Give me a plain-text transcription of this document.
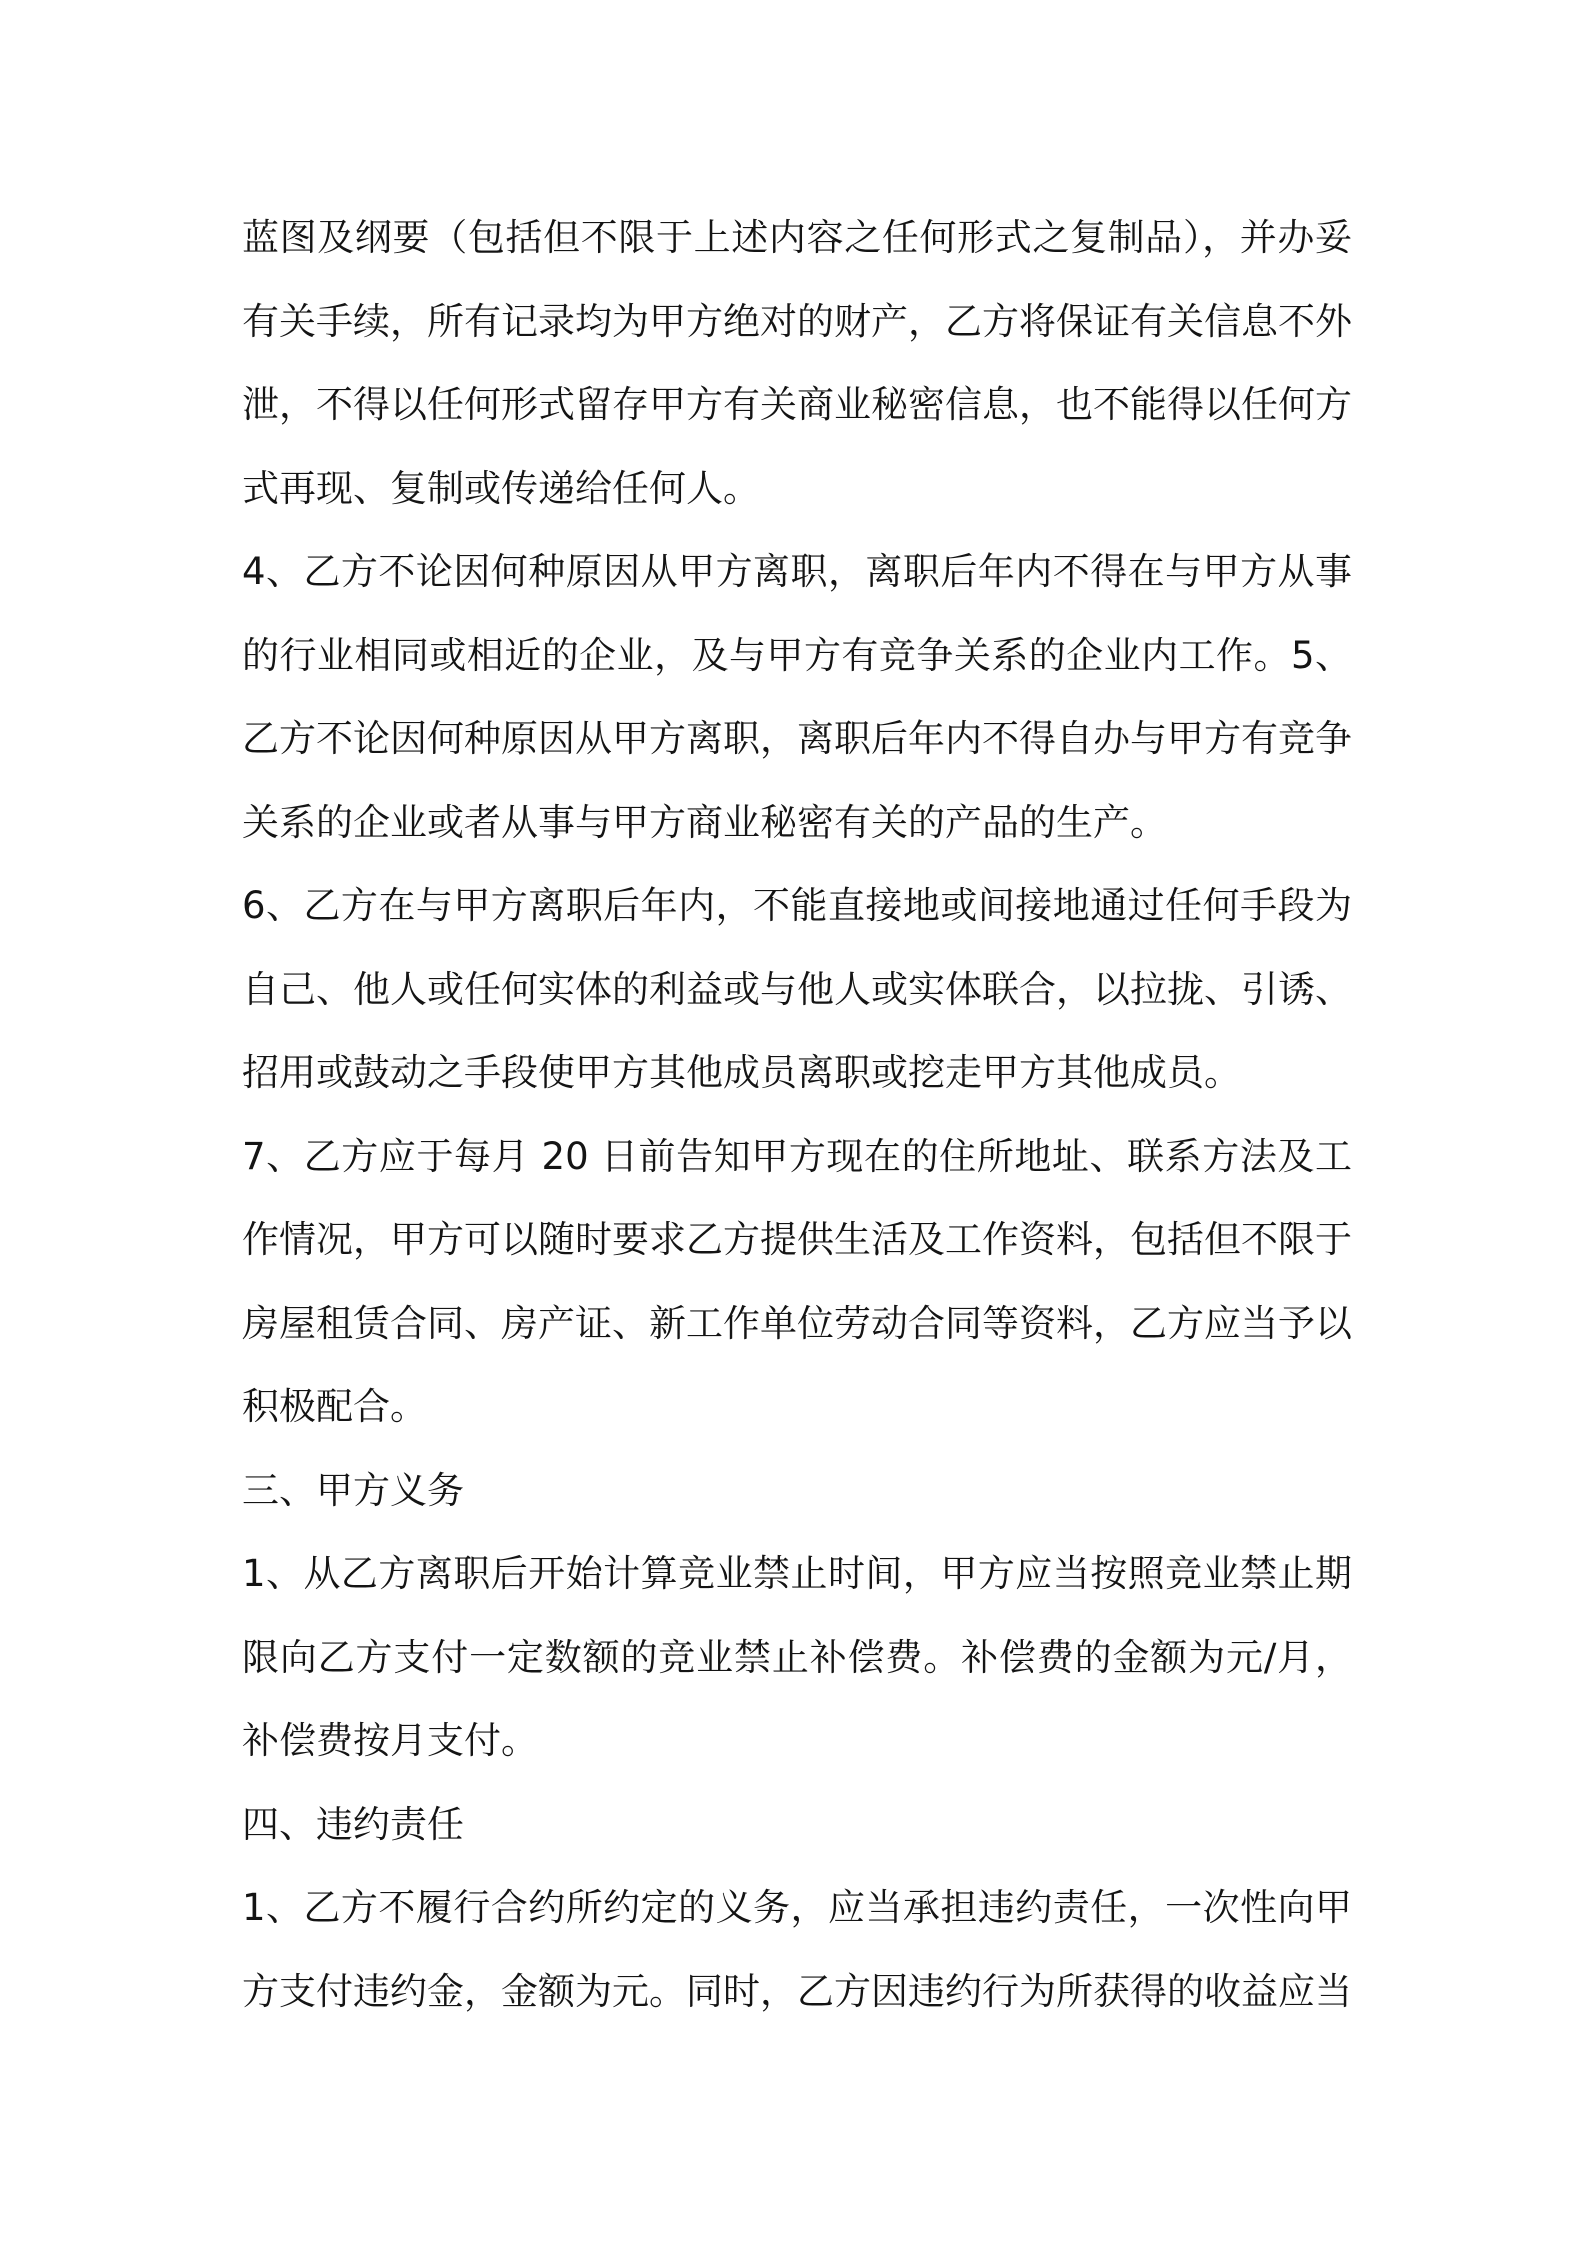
蓝图及纲要（包括但不限于上述内容之任何形式之复制品），并办妥
有关手续，所有记录均为甲方绝对的财产，乙方将保证有关信息不外
泄，不得以任何形式留存甲方有关商业秘密信息，也不能得以任何方
式再现、复制或传递给任何人。
4、乙方不论因何种原因从甲方离职，离职后年内不得在与甲方从事
的行业相同或相近的企业，及与甲方有竞争关系的企业内工作。5、
乙方不论因何种原因从甲方离职，离职后年内不得自办与甲方有竞争
关系的企业或者从事与甲方商业秘密有关的产品的生产。
6、乙方在与甲方离职后年内，不能直接地或间接地通过任何手段为
自己、他人或任何实体的利益或与他人或实体联合，以拉拢、引诱、
招用或鼓动之手段使甲方其他成员离职或挖走甲方其他成员。
7、乙方应于每月 20 日前告知甲方现在的住所地址、联系方法及工
作情况，甲方可以随时要求乙方提供生活及工作资料，包括但不限于
房屋租赁合同、房产证、新工作单位劳动合同等资料，乙方应当予以
积极配合。
三、甲方义务
1、从乙方离职后开始计算竞业禁止时间，甲方应当按照竞业禁止期
限向乙方支付一定数额的竞业禁止补偿费。补偿费的金额为元/月，
补偿费按月支付。
四、违约责任
1、乙方不履行合约所约定的义务，应当承担违约责任，一次性向甲
方支付违约金，金额为元。同时，乙方因违约行为所获得的收益应当
